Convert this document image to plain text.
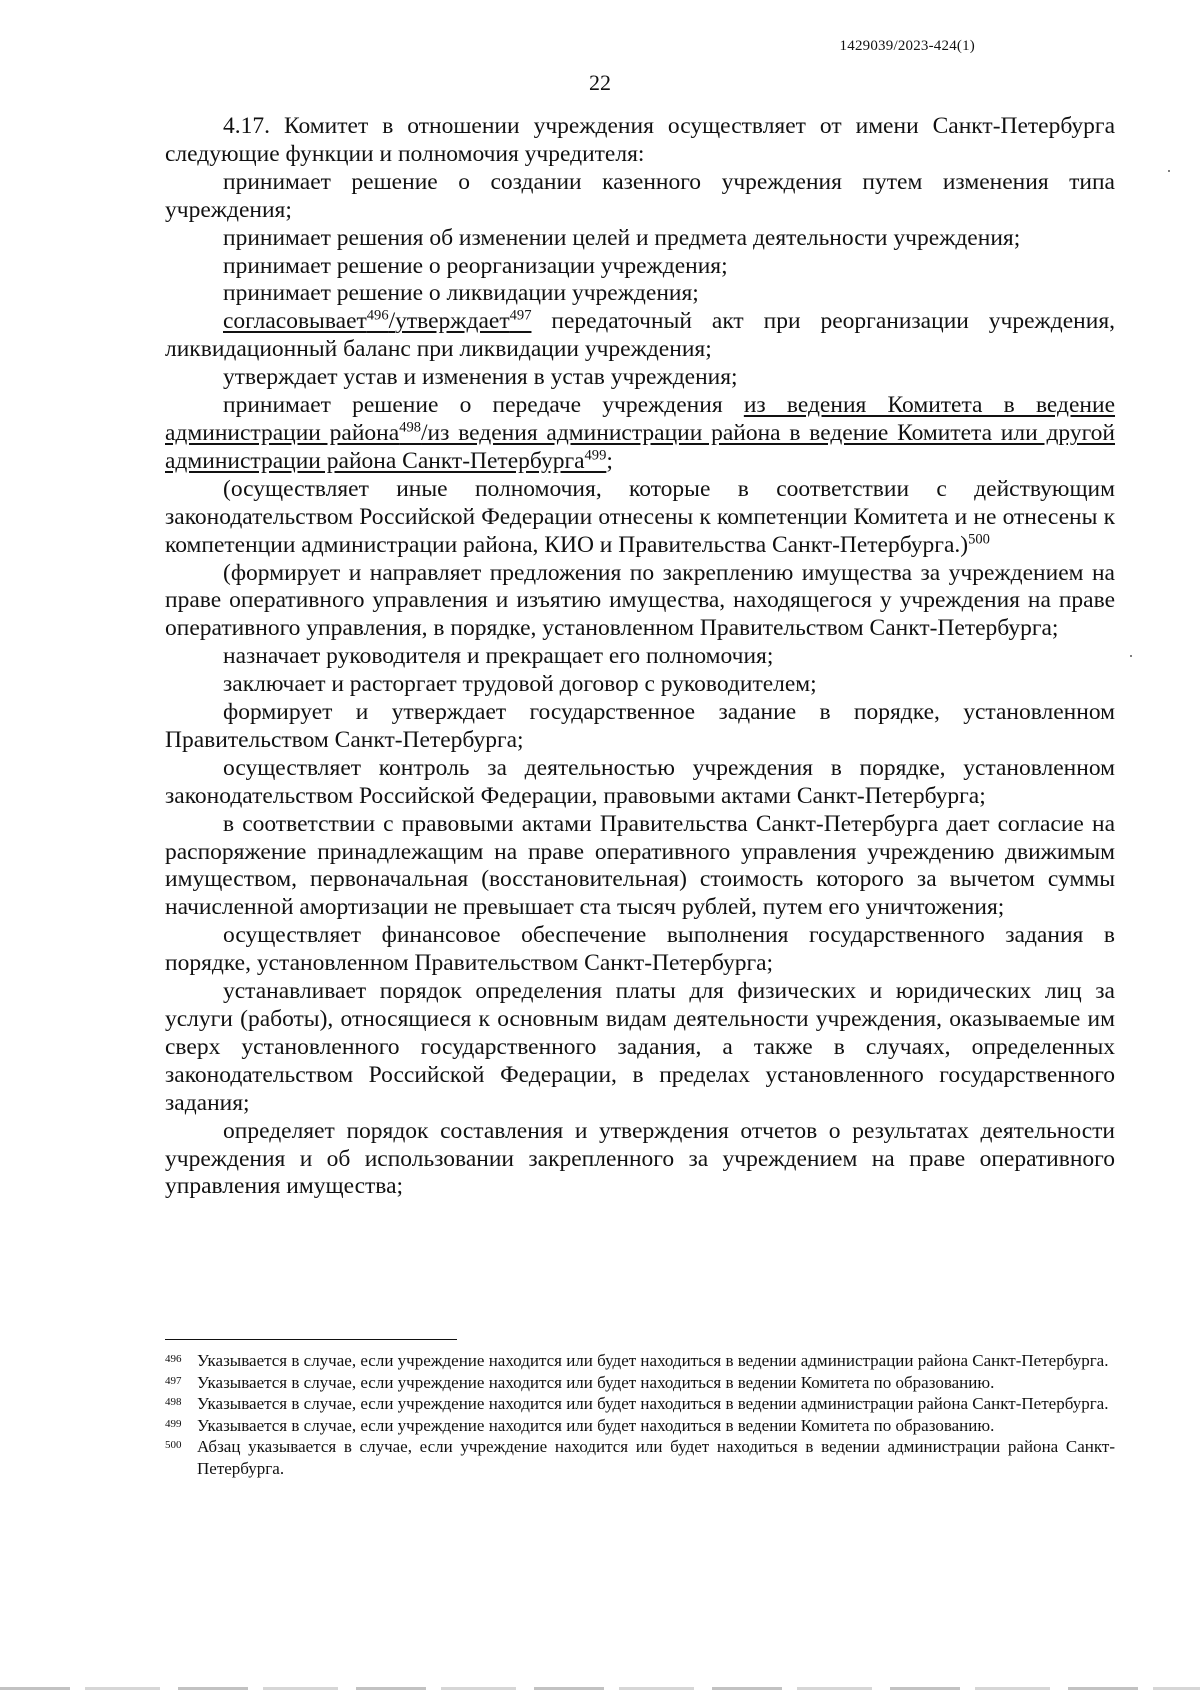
1429039/2023-424(1)
22

4.17. Комитет в отношении учреждения осуществляет от имени Санкт-Петербурга следующие функции и полномочия учредителя:

принимает решение о создании казенного учреждения путем изменения типа учреждения;

принимает решения об изменении целей и предмета деятельности учреждения;

принимает решение о реорганизации учреждения;

принимает решение о ликвидации учреждения;

согласовывает$^{496}$/утверждает$^{497}$ передаточный акт при реорганизации учреждения, ликвидационный баланс при ликвидации учреждения;

утверждает устав и изменения в устав учреждения;

принимает решение о передаче учреждения из ведения Комитета в ведение администрации района$^{498}$/из ведения администрации района в ведение Комитета или другой администрации района Санкт-Петербурга$^{499}$;

(осуществляет иные полномочия, которые в соответствии с действующим законодательством Российской Федерации отнесены к компетенции Комитета и не отнесены к компетенции администрации района, КИО и Правительства Санкт-Петербурга.)$^{500}$

(формирует и направляет предложения по закреплению имущества за учреждением на праве оперативного управления и изъятию имущества, находящегося у учреждения на праве оперативного управления, в порядке, установленном Правительством Санкт-Петербурга;

назначает руководителя и прекращает его полномочия;

заключает и расторгает трудовой договор с руководителем;

формирует и утверждает государственное задание в порядке, установленном Правительством Санкт-Петербурга;

осуществляет контроль за деятельностью учреждения в порядке, установленном законодательством Российской Федерации, правовыми актами Санкт-Петербурга;

в соответствии с правовыми актами Правительства Санкт-Петербурга дает согласие на распоряжение принадлежащим на праве оперативного управления учреждению движимым имуществом, первоначальная (восстановительная) стоимость которого за вычетом суммы начисленной амортизации не превышает ста тысяч рублей, путем его уничтожения;

осуществляет финансовое обеспечение выполнения государственного задания в порядке, установленном Правительством Санкт-Петербурга;

устанавливает порядок определения платы для физических и юридических лиц за услуги (работы), относящиеся к основным видам деятельности учреждения, оказываемые им сверх установленного государственного задания, а также в случаях, определенных законодательством Российской Федерации, в пределах установленного государственного задания;

определяет порядок составления и утверждения отчетов о результатах деятельности учреждения и об использовании закрепленного за учреждением на праве оперативного управления имущества;

496 Указывается в случае, если учреждение находится или будет находиться в ведении администрации района Санкт-Петербурга.
497 Указывается в случае, если учреждение находится или будет находиться в ведении Комитета по образованию.
498 Указывается в случае, если учреждение находится или будет находиться в ведении администрации района Санкт-Петербурга.
499 Указывается в случае, если учреждение находится или будет находиться в ведении Комитета по образованию.
500 Абзац указывается в случае, если учреждение находится или будет находиться в ведении администрации района Санкт-Петербурга.
